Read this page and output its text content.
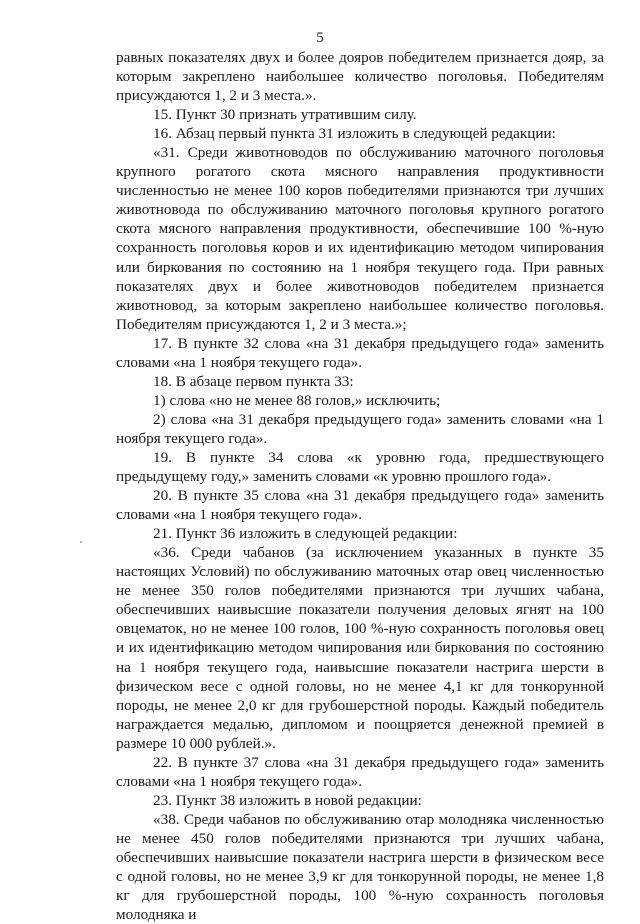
5

равных показателях двух и более дояров победителем признается дояр, за которым закреплено наибольшее количество поголовья. Победителям присуждаются 1, 2 и 3 места.».

15. Пункт 30 признать утратившим силу.

16. Абзац первый пункта 31 изложить в следующей редакции:

«31. Среди животноводов по обслуживанию маточного поголовья крупного рогатого скота мясного направления продуктивности численностью не менее 100 коров победителями признаются три лучших животновода по обслуживанию маточного поголовья крупного рогатого скота мясного направления продуктивности, обеспечившие 100 %-ную сохранность поголовья коров и их идентификацию методом чипирования или биркования по состоянию на 1 ноября текущего года. При равных показателях двух и более животноводов победителем признается животновод, за которым закреплено наибольшее количество поголовья. Победителям присуждаются 1, 2 и 3 места.»;

17. В пункте 32 слова «на 31 декабря предыдущего года» заменить словами «на 1 ноября текущего года».

18. В абзаце первом пункта 33:

1) слова «но не менее 88 голов,» исключить;

2) слова «на 31 декабря предыдущего года» заменить словами «на 1 ноября текущего года».

19. В пункте 34 слова «к уровню года, предшествующего предыдущему году,» заменить словами «к уровню прошлого года».

20. В пункте 35 слова «на 31 декабря предыдущего года» заменить словами «на 1 ноября текущего года».

21. Пункт 36 изложить в следующей редакции:

«36. Среди чабанов (за исключением указанных в пункте 35 настоящих Условий) по обслуживанию маточных отар овец численностью не менее 350 голов победителями признаются три лучших чабана, обеспечивших наивысшие показатели получения деловых ягнят на 100 овцематок, но не менее 100 голов, 100 %-ную сохранность поголовья овец и их идентификацию методом чипирования или биркования по состоянию на 1 ноября текущего года, наивысшие показатели настрига шерсти в физическом весе с одной головы, но не менее 4,1 кг для тонкорунной породы, не менее 2,0 кг для грубошерстной породы. Каждый победитель награждается медалью, дипломом и поощряется денежной премией в размере 10 000 рублей.».

22. В пункте 37 слова «на 31 декабря предыдущего года» заменить словами «на 1 ноября текущего года».

23. Пункт 38 изложить в новой редакции:

«38. Среди чабанов по обслуживанию отар молодняка численностью не менее 450 голов победителями признаются три лучших чабана, обеспечивших наивысшие показатели настрига шерсти в физическом весе с одной головы, но не менее 3,9 кг для тонкорунной породы, не менее 1,8 кг для грубошерстной породы, 100 %-ную сохранность поголовья молодняка и
